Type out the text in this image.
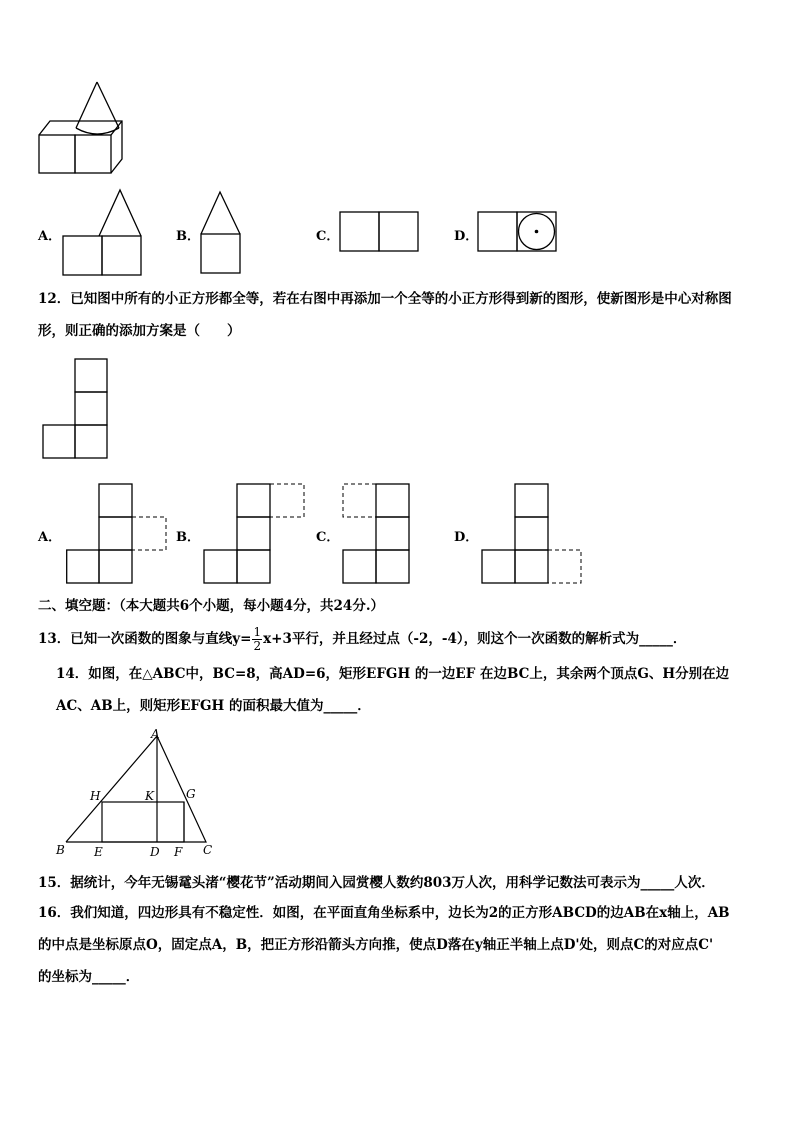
A．	B．	C．	D．
12．已知图中所有的小正方形都全等，若在右图中再添加一个全等的小正方形得到新的图形，使新图形是中心对称图
形，则正确的添加方案是（　　）
A．	B．	C．	D．
二、填空题：（本大题共6个小题，每小题4分，共24分.）
13．已知一次函数的图象与直线$y= \frac{1}{2} x+3$平行，并且经过点（-2，-4），则这个一次函数的解析式为_____．
14．如图，在△ABC中，BC=8，高AD=6，矩形EFGH 的一边EF 在边BC上，其余两个顶点G、H分别在边
AC、AB上，则矩形EFGH 的面积最大值为_____．
A
H	K	G
B E	D F C
15．据统计，今年无锡鼋头渚“樱花节”活动期间入园赏樱人数约803万人次，用科学记数法可表示为_____人次．
16．我们知道，四边形具有不稳定性．如图，在平面直角坐标系中，边长为2的正方形ABCD的边AB在x轴上，AB
的中点是坐标原点O，固定点A，B，把正方形沿箭头方向推，使点D落在y轴正半轴上点D'处，则点C的对应点C'
的坐标为_____．
